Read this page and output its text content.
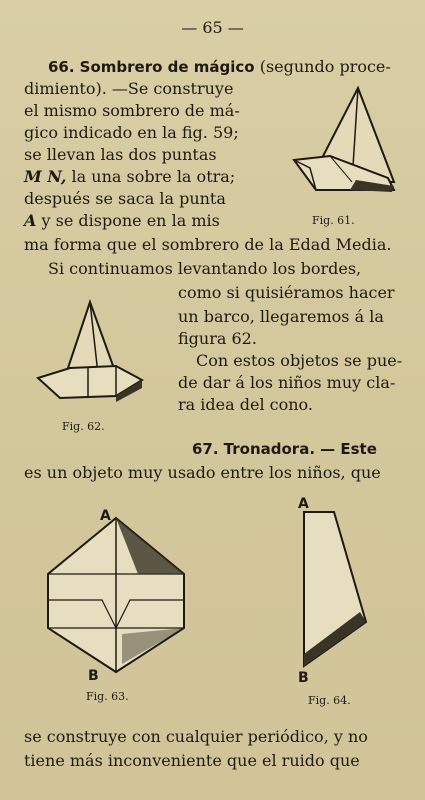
— 65 —
66. Sombrero de mágico (segundo proce-
dimiento). —Se construye
el mismo sombrero de má-
gico indicado en la fig. 59;
se llevan las dos puntas
M N, la una sobre la otra;
después se saca la punta
A y se dispone en la mis
ma forma que el sombrero de la Edad Media.
Si continuamos levantando los bordes,
como si quisiéramos hacer
un barco, llegaremos á la
figura 62.
Con estos objetos se pue-
de dar á los niños muy cla-
ra idea del cono.
67. Tronadora. — Este
es un objeto muy usado entre los niños, que
se construye con cualquier periódico, y no
tiene más inconveniente que el ruido que
Fig. 61.
Fig. 62.
A
B
Fig. 63.
A
B
Fig. 64.
